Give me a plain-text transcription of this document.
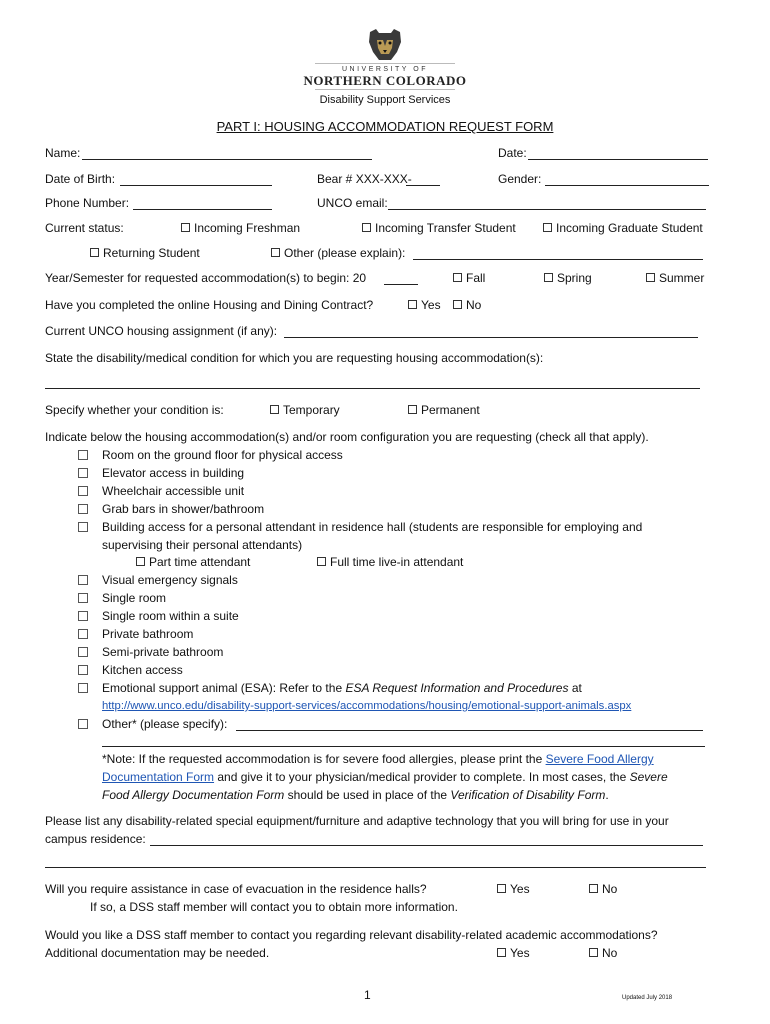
UNIVERSITY OF
NORTHERN COLORADO
Disability Support Services
PART I: HOUSING ACCOMMODATION REQUEST FORM
Name:	Date:
Date of Birth:	Bear # XXX-XXX-	Gender:
Phone Number:	UNCO email:
Current status:	Incoming Freshman	Incoming Transfer Student	Incoming Graduate Student
Returning Student	Other (please explain):
Year/Semester for requested accommodation(s) to begin: 20	Fall	Spring	Summer
Have you completed the online Housing and Dining Contract?	Yes	No
Current UNCO housing assignment (if any):
State the disability/medical condition for which you are requesting housing accommodation(s):
Specify whether your condition is:	Temporary	Permanent
Indicate below the housing accommodation(s) and/or room configuration you are requesting (check all that apply).
Room on the ground floor for physical access
Elevator access in building
Wheelchair accessible unit
Grab bars in shower/bathroom
Building access for a personal attendant in residence hall (students are responsible for employing and
supervising their personal attendants)
Part time attendant	Full time live-in attendant
Visual emergency signals
Single room
Single room within a suite
Private bathroom
Semi-private bathroom
Kitchen access
Emotional support animal (ESA): Refer to the ESA Request Information and Procedures at
http://www.unco.edu/disability-support-services/accommodations/housing/emotional-support-animals.aspx
Other* (please specify):
*Note: If the requested accommodation is for severe food allergies, please print the Severe Food Allergy
Documentation Form and give it to your physician/medical provider to complete. In most cases, the Severe
Food Allergy Documentation Form should be used in place of the Verification of Disability Form.
Please list any disability-related special equipment/furniture and adaptive technology that you will bring for use in your
campus residence:
Will you require assistance in case of evacuation in the residence halls?	Yes	No
If so, a DSS staff member will contact you to obtain more information.
Would you like a DSS staff member to contact you regarding relevant disability-related academic accommodations?
Additional documentation may be needed.	Yes	No
1	Updated July 2018
